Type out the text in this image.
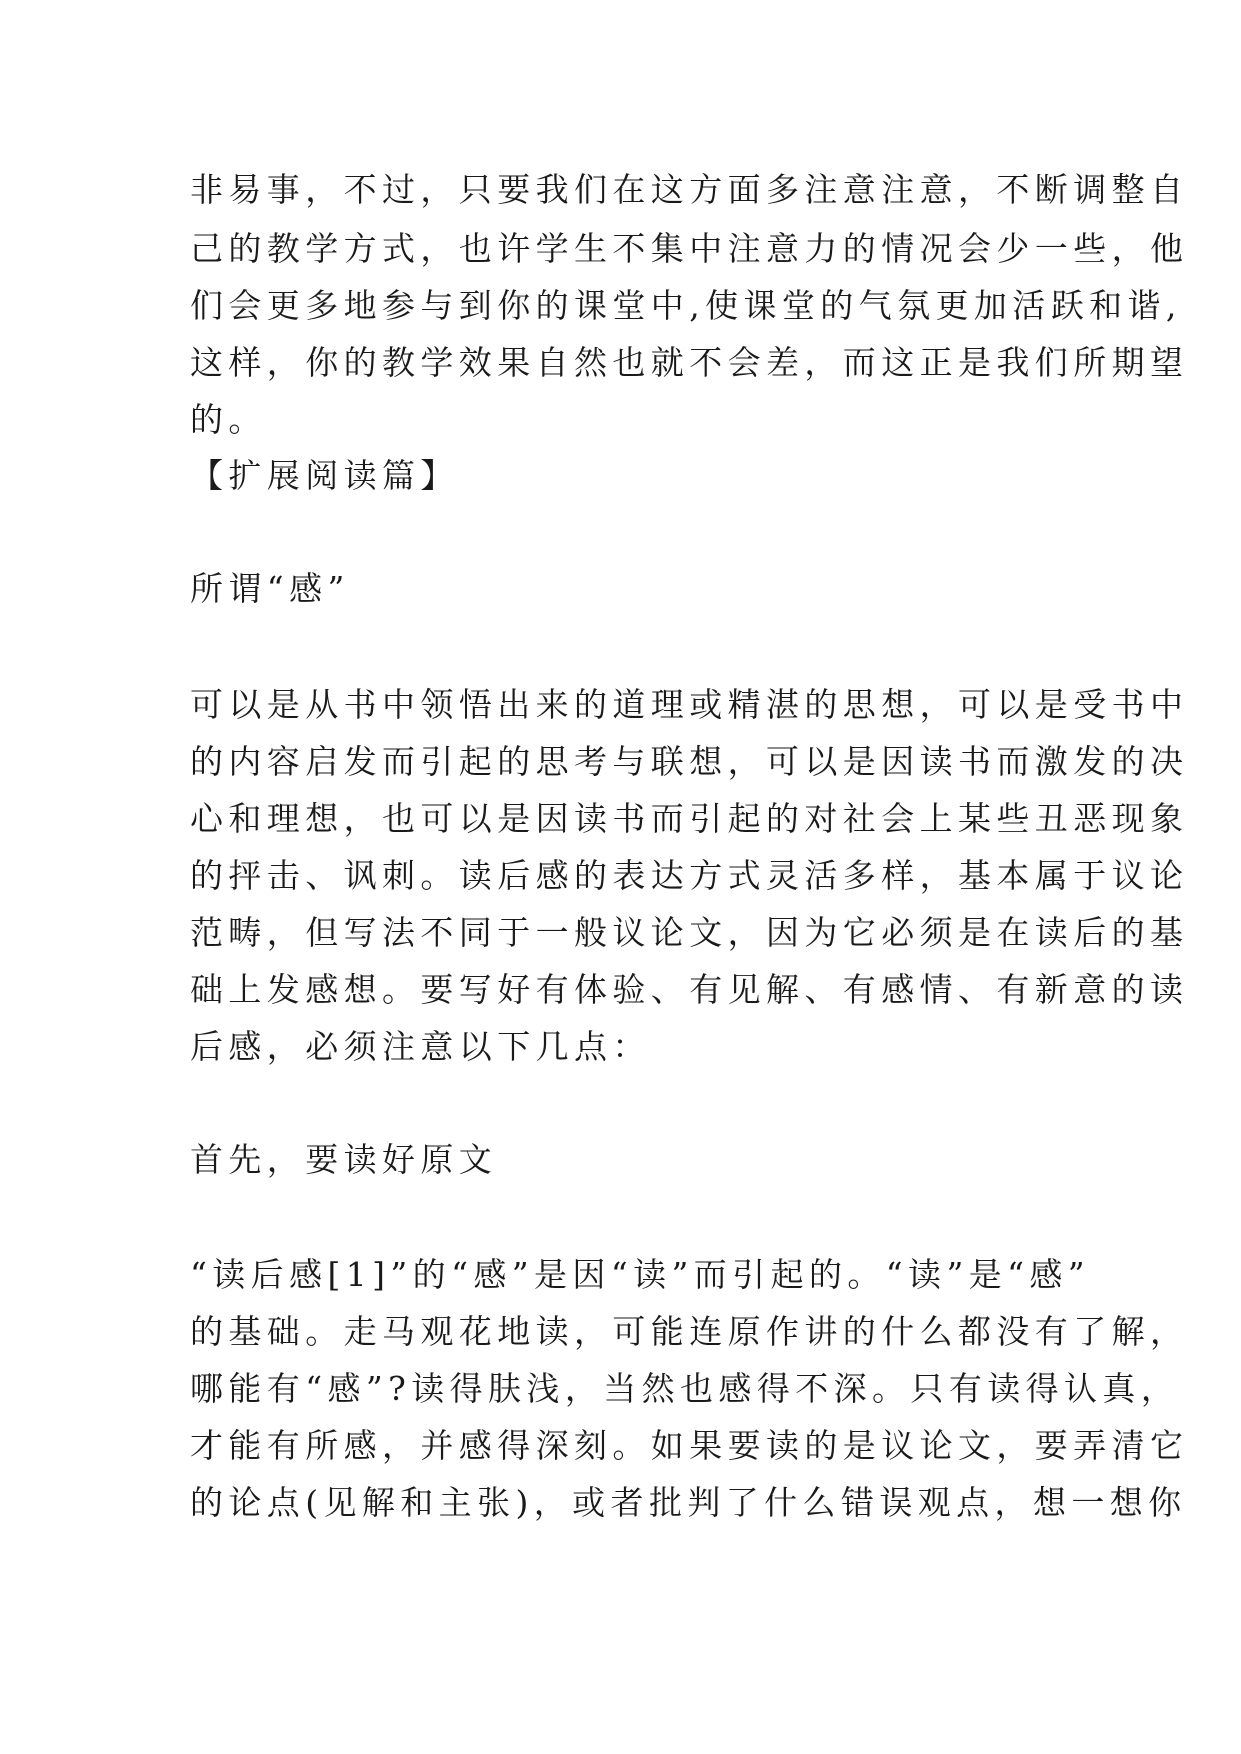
非易事，不过，只要我们在这方面多注意注意，不断调整自
己的教学方式，也许学生不集中注意力的情况会少一些，他
们会更多地参与到你的课堂中,使课堂的气氛更加活跃和谐,
这样，你的教学效果自然也就不会差，而这正是我们所期望
的。
【扩展阅读篇】
所谓“感”
可以是从书中领悟出来的道理或精湛的思想，可以是受书中
的内容启发而引起的思考与联想，可以是因读书而激发的决
心和理想，也可以是因读书而引起的对社会上某些丑恶现象
的抨击、讽刺。读后感的表达方式灵活多样，基本属于议论
范畴，但写法不同于一般议论文，因为它必须是在读后的基
础上发感想。要写好有体验、有见解、有感情、有新意的读
后感，必须注意以下几点：
首先，要读好原文
“读后感[1]”的“感”是因“读”而引起的。“读”是“感”
的基础。走马观花地读，可能连原作讲的什么都没有了解，
哪能有“感”?读得肤浅，当然也感得不深。只有读得认真，
才能有所感，并感得深刻。如果要读的是议论文，要弄清它
的论点(见解和主张)，或者批判了什么错误观点，想一想你
